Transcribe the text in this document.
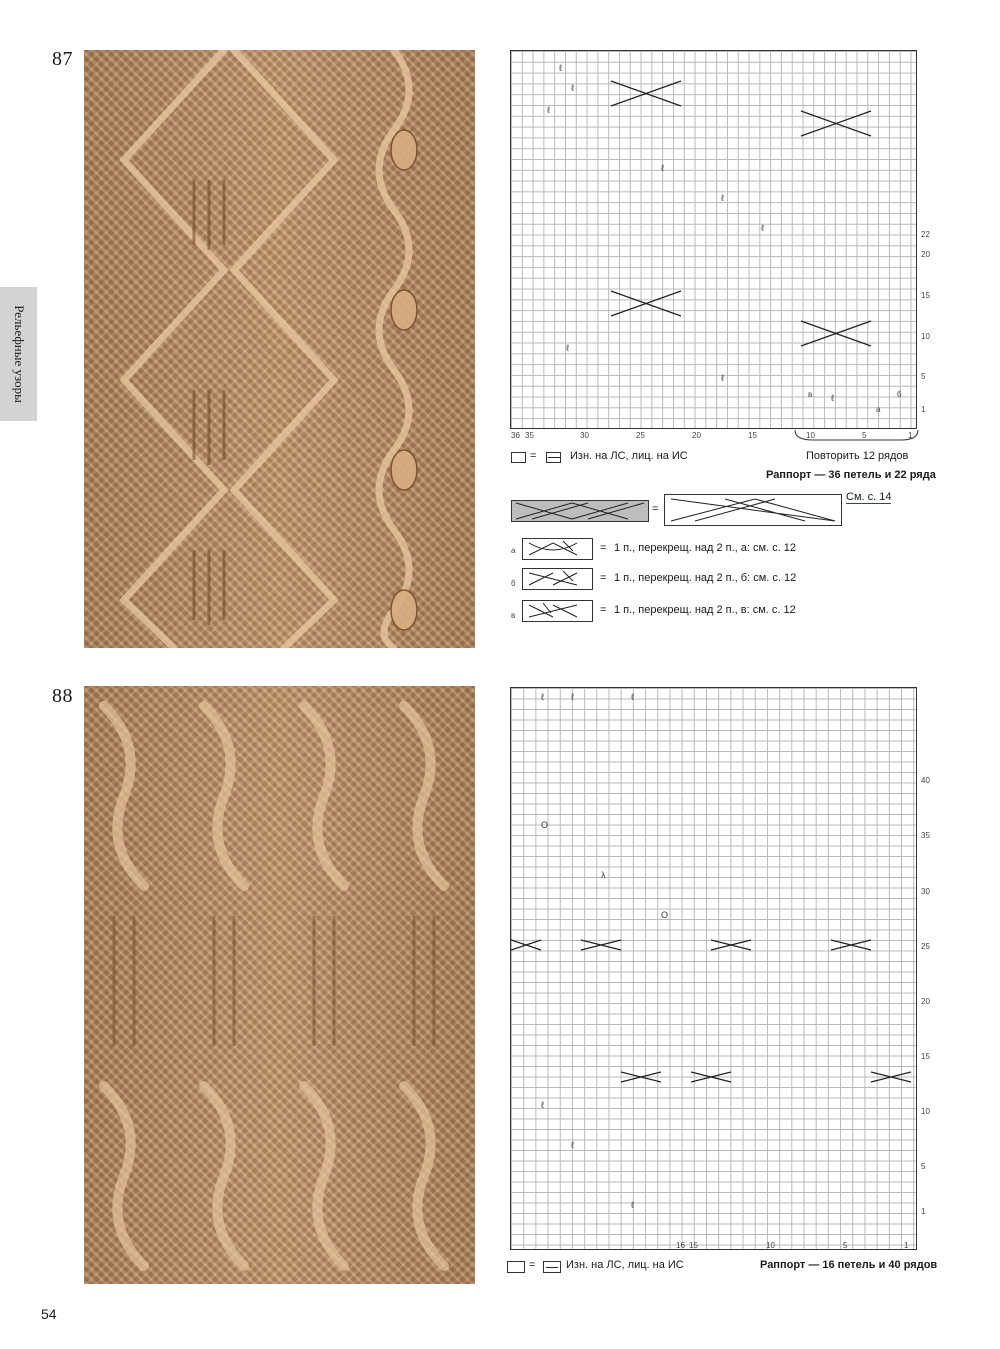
87
88
Рельефные узоры
ℓ
ℓ
ℓ
ℓ
ℓ
ℓ
ℓ
ℓ
ℓ
22
20
15
10
5
1
36 35	30	25	20	15	10	5	1
б
а
в
Повторить 12 рядов
=	Изн. на ЛС, лиц. на ИС
Раппорт — 36 петель и 22 ряда
=
См. с. 14
а	= 1 п., перекрещ. над 2 п., а: см. с. 12
б	= 1 п., перекрещ. над 2 п., б: см. с. 12
в	= 1 п., перекрещ. над 2 п., в: см. с. 12
ℓ	ℓ	ℓ
O
λ
O
ℓ
ℓ
ℓ
40
35
30
25
20
15
10
5
1
16 15	10	5	1
=	Изн. на ЛС, лиц. на ИС	Раппорт — 16 петель и 40 рядов
54
